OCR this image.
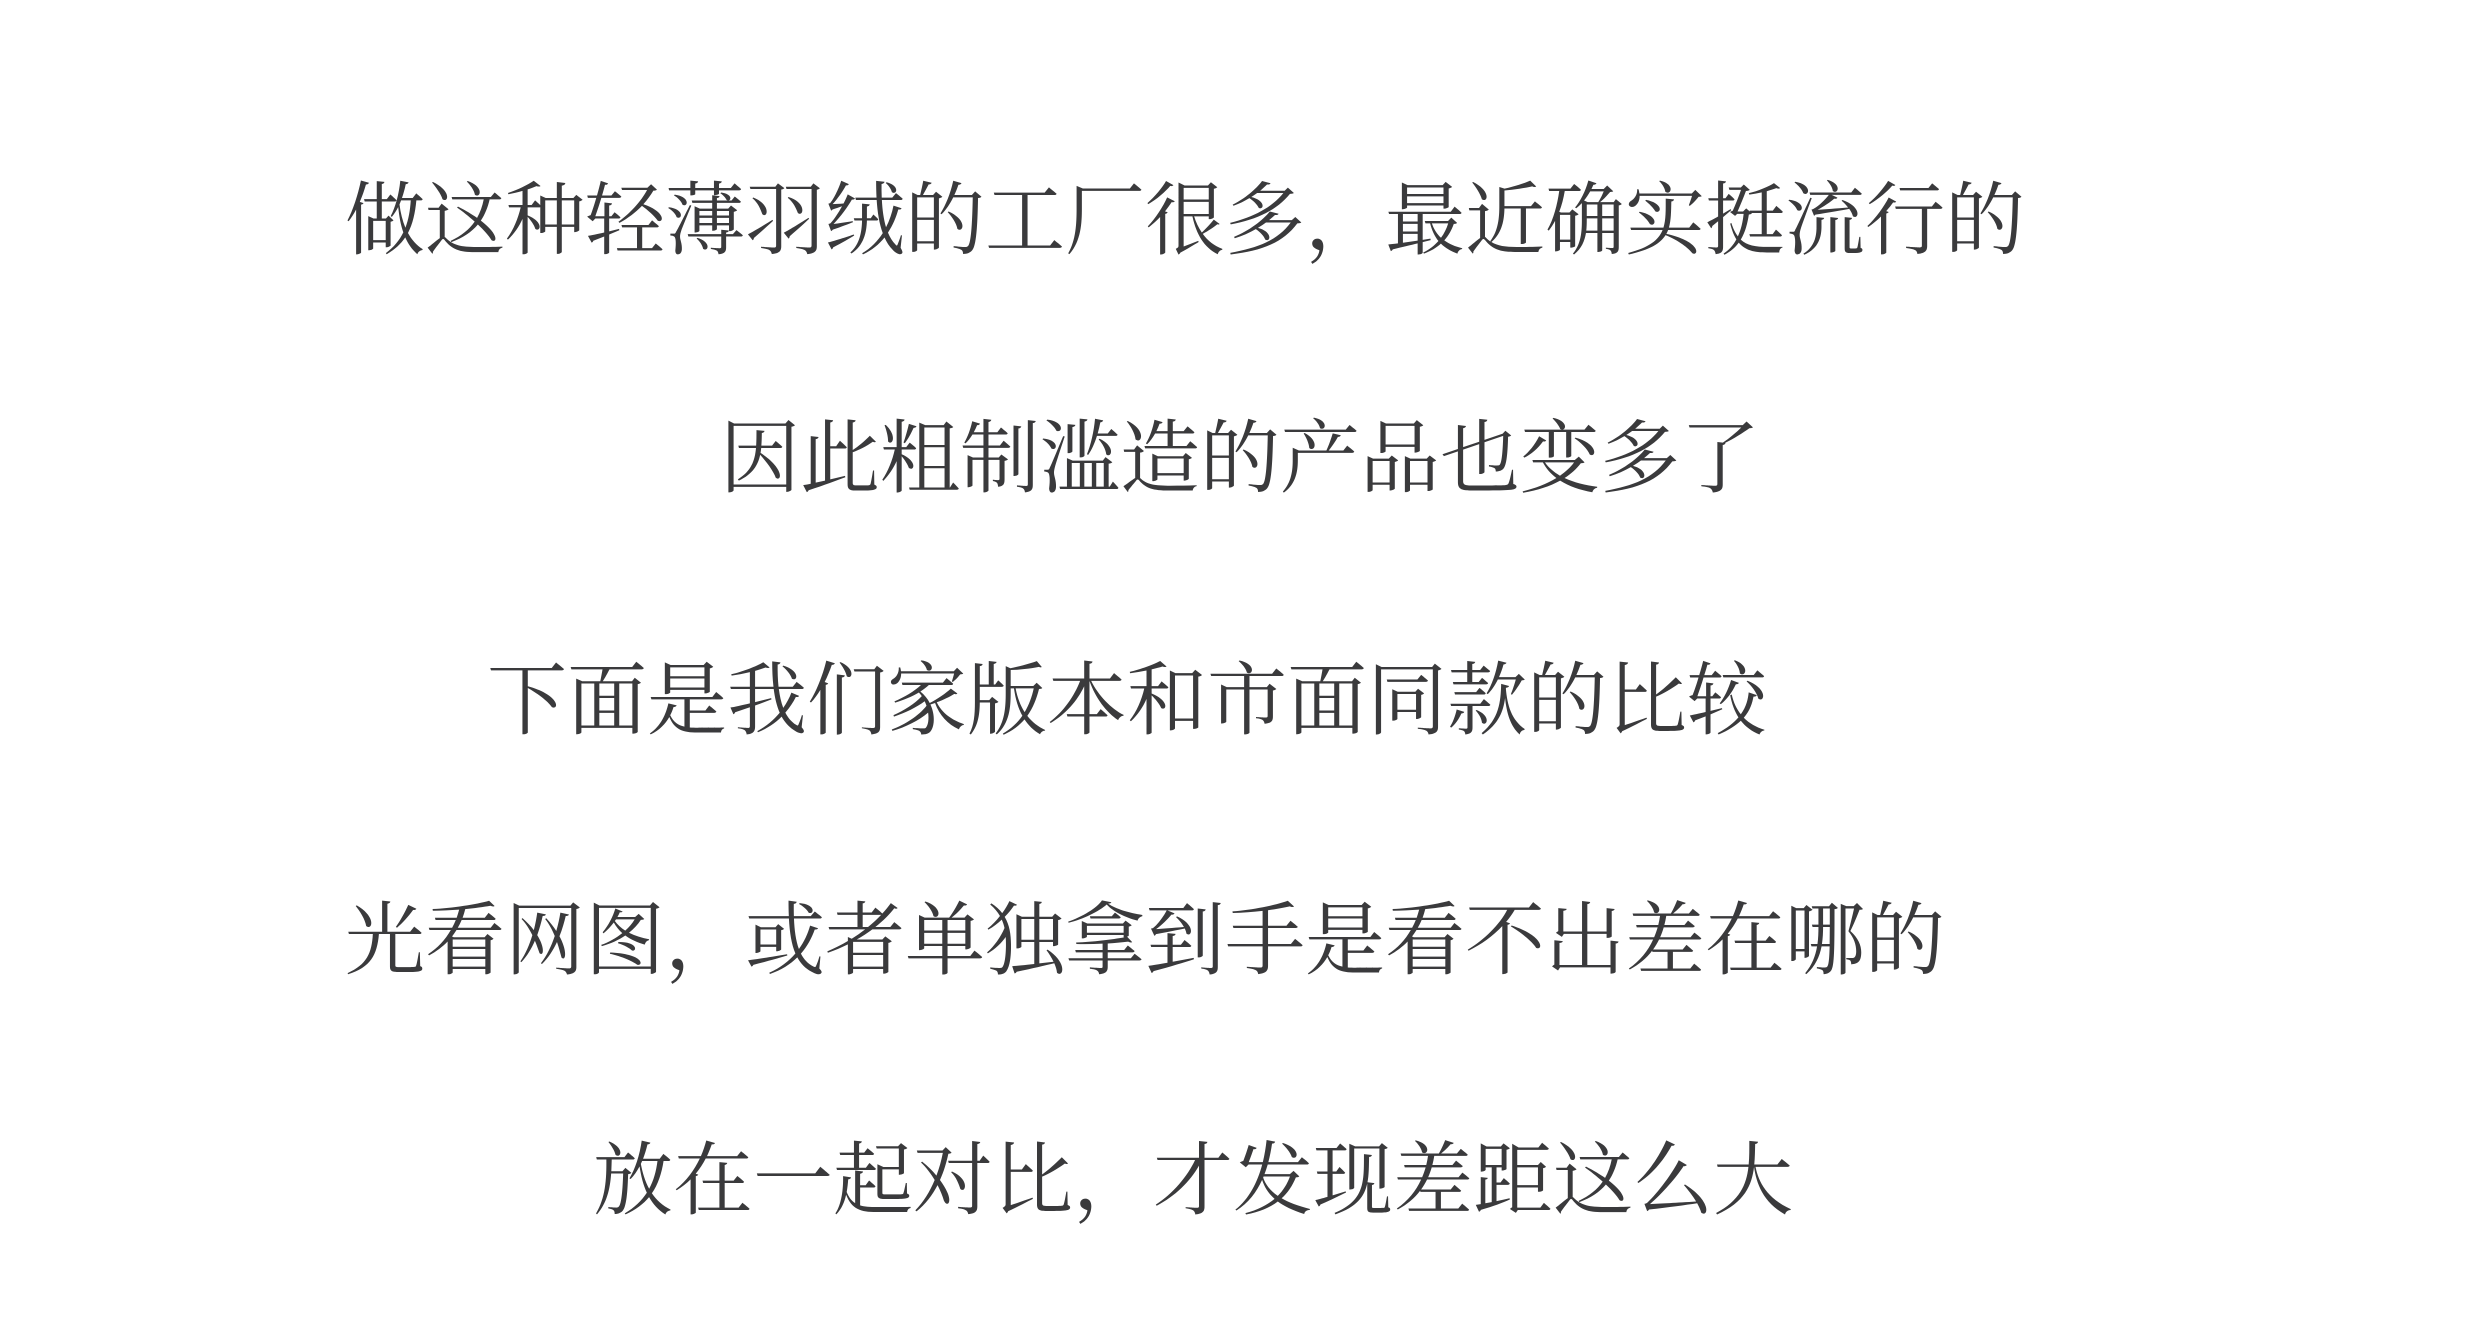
做这种轻薄羽绒的工厂很多，最近确实挺流行的
因此粗制滥造的产品也变多了
下面是我们家版本和市面同款的比较
光看网图，或者单独拿到手是看不出差在哪的
放在一起对比，才发现差距这么大
